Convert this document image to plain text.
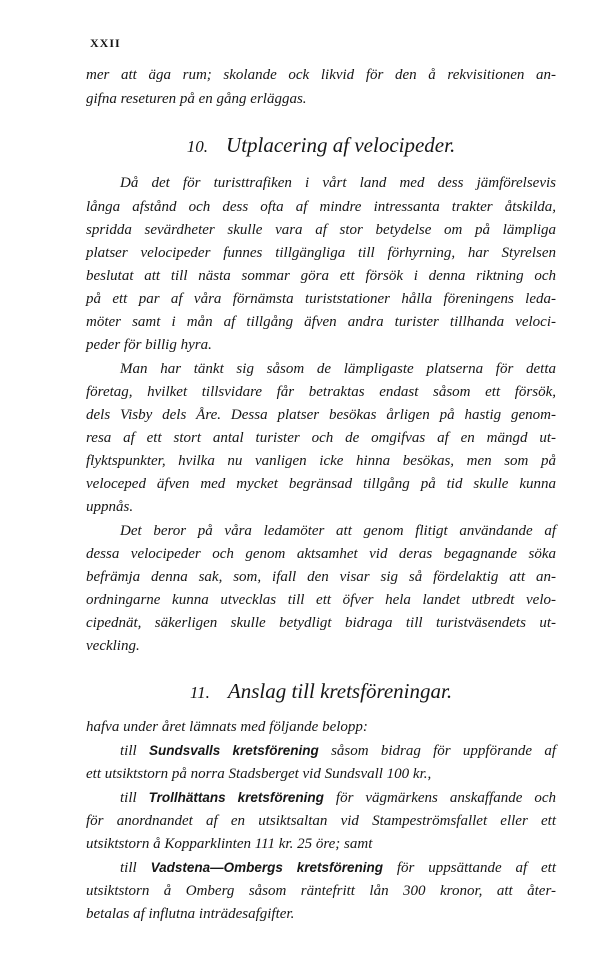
XXII
mer att äga rum; skolande ock likvid för den å rekvisitionen an-
gifna reseturen på en gång erläggas.
10. Utplacering af velocipeder.
Då det för turisttrafiken i vårt land med dess jämförelsevis
långa afstånd och dess ofta af mindre intressanta trakter åtskilda,
spridda sevärdheter skulle vara af stor betydelse om på lämpliga
platser velocipeder funnes tillgängliga till förhyrning, har Styrelsen
beslutat att till nästa sommar göra ett försök i denna riktning och
på ett par af våra förnämsta turiststationer hålla föreningens leda-
möter samt i mån af tillgång äfven andra turister tillhanda veloci-
peder för billig hyra.
Man har tänkt sig såsom de lämpligaste platserna för detta
företag, hvilket tillsvidare får betraktas endast såsom ett försök,
dels Visby dels Åre. Dessa platser besökas årligen på hastig genom-
resa af ett stort antal turister och de omgifvas af en mängd ut-
flyktspunkter, hvilka nu vanligen icke hinna besökas, men som på
veloceped äfven med mycket begränsad tillgång på tid skulle kunna
uppnås.
Det beror på våra ledamöter att genom flitigt användande af
dessa velocipeder och genom aktsamhet vid deras begagnande söka
befrämja denna sak, som, ifall den visar sig så fördelaktig att an-
ordningarne kunna utvecklas till ett öfver hela landet utbredt velo-
cipednät, säkerligen skulle betydligt bidraga till turistväsendets ut-
veckling.
11. Anslag till kretsföreningar.
hafva under året lämnats med följande belopp:
till Sundsvalls kretsförening såsom bidrag för uppförande af
ett utsiktstorn på norra Stadsberget vid Sundsvall 100 kr.,
till Trollhättans kretsförening för vägmärkens anskaffande och
för anordnandet af en utsiktsaltan vid Stampeströmsfallet eller ett
utsiktstorn å Kopparklinten 111 kr. 25 öre; samt
till Vadstena—Ombergs kretsförening för uppsättande af ett
utsiktstorn å Omberg såsom räntefritt lån 300 kronor, att åter-
betalas af influtna inträdesafgifter.
